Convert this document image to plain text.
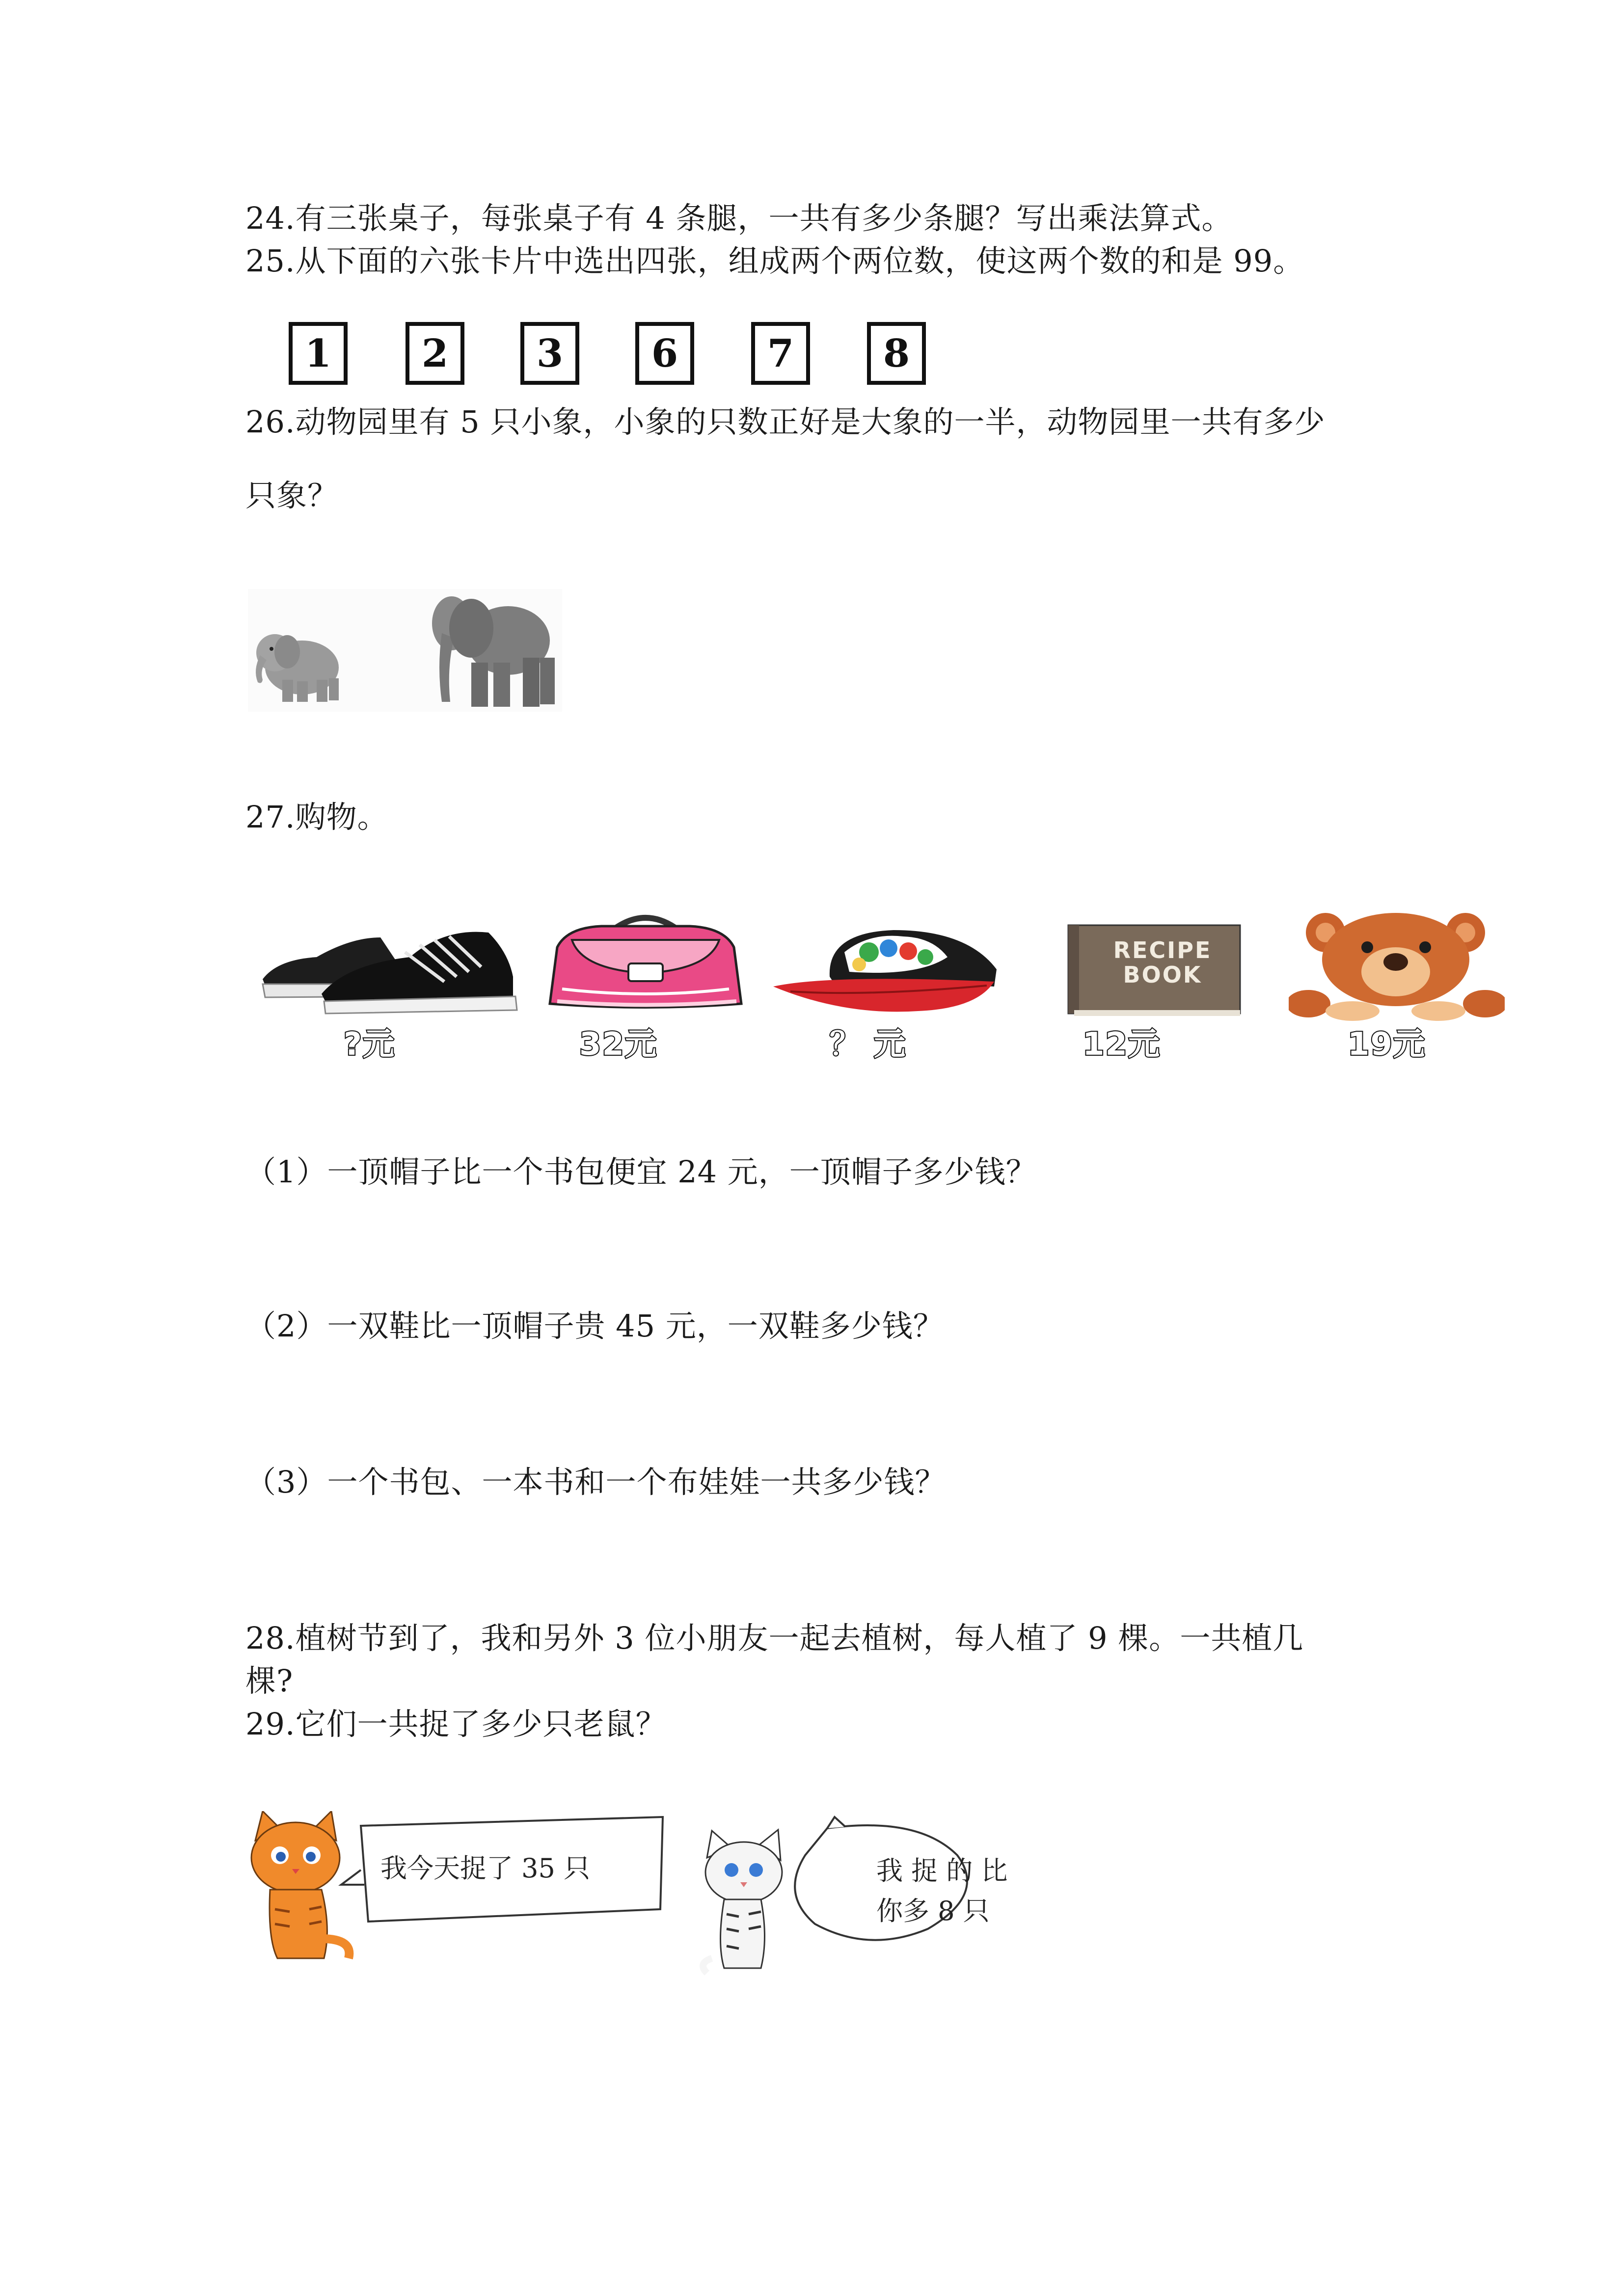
24.有三张桌子，每张桌子有 4 条腿，一共有多少条腿？写出乘法算式。
25.从下面的六张卡片中选出四张，组成两个两位数，使这两个数的和是 99。
1	2	3	6	7	8
26.动物园里有 5 只小象，小象的只数正好是大象的一半，动物园里一共有多少
只象？
27.购物。
RECIPE
BOOK
?元	32元	？ 元	12元	19元
（1）一顶帽子比一个书包便宜 24 元，一顶帽子多少钱？
（2）一双鞋比一顶帽子贵 45 元，一双鞋多少钱？
（3）一个书包、一本书和一个布娃娃一共多少钱？
28.植树节到了，我和另外 3 位小朋友一起去植树，每人植了 9 棵。一共植几
棵?
29.它们一共捉了多少只老鼠？
我今天捉了 35 只	我 捉 的 比
你多 8 只
